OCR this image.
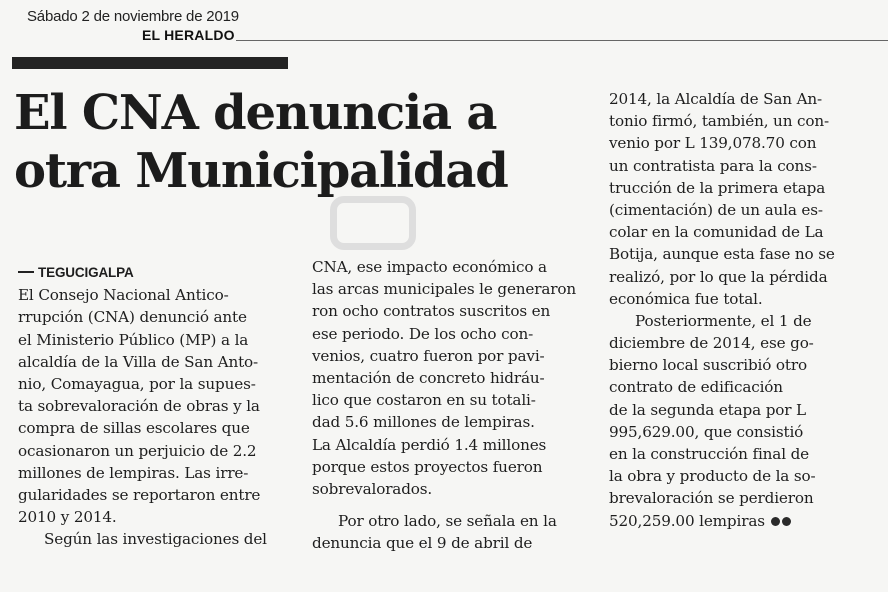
Sábado 2 de noviembre de 2019
EL HERALDO
El CNA denuncia a
otra Municipalidad
TEGUCIGALPA
El Consejo Nacional Antico-
rrupción (CNA) denunció ante
el Ministerio Público (MP) a la
alcaldía de la Villa de San Anto-
nio, Comayagua, por la supues-
ta sobrevaloración de obras y la
compra de sillas escolares que
ocasionaron un perjuicio de 2.2
millones de lempiras. Las irre-
gularidades se reportaron entre
2010 y 2014.
Según las investigaciones del
CNA, ese impacto económico a
las arcas municipales le generaron
ron ocho contratos suscritos en
ese periodo. De los ocho con-
venios, cuatro fueron por pavi-
mentación de concreto hidráu-
lico que costaron en su totali-
dad 5.6 millones de lempiras.
La Alcaldía perdió 1.4 millones
porque estos proyectos fueron
sobrevalorados.
Por otro lado, se señala en la
denuncia que el 9 de abril de
2014, la Alcaldía de San An-
tonio firmó, también, un con-
venio por L 139,078.70 con
un contratista para la cons-
trucción de la primera etapa
(cimentación) de un aula es-
colar en la comunidad de La
Botija, aunque esta fase no se
realizó, por lo que la pérdida
económica fue total.
Posteriormente, el 1 de
diciembre de 2014, ese go-
bierno local suscribió otro
contrato de edificación
de la segunda etapa por L
995,629.00, que consistió
en la construcción final de
la obra y producto de la so-
brevaloración se perdieron
520,259.00 lempiras
